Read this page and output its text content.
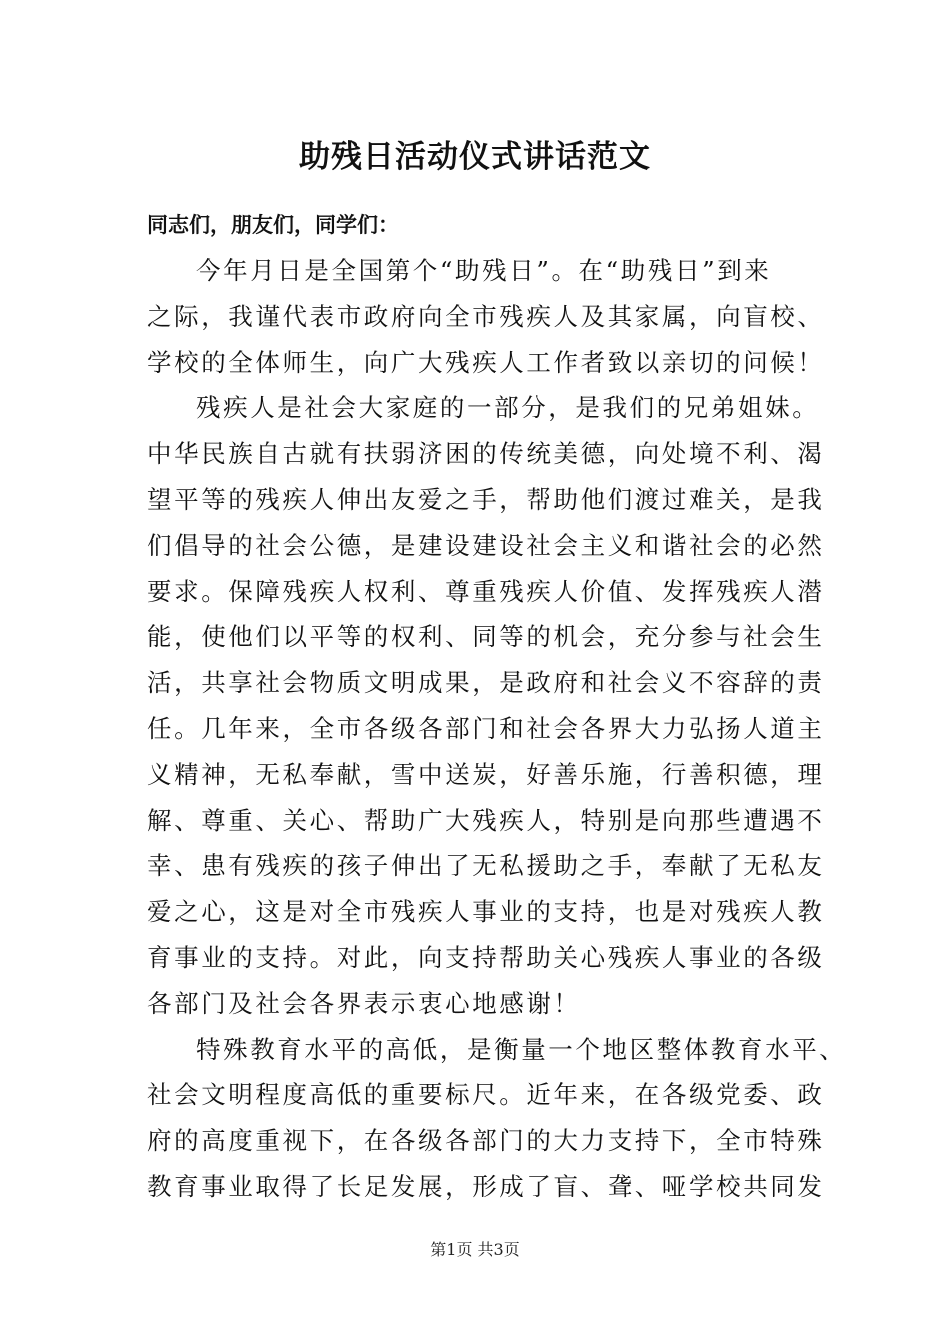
助残日活动仪式讲话范文
同志们，朋友们，同学们：
今年月日是全国第个“助残日”。在“助残日”到来
之际，我谨代表市政府向全市残疾人及其家属，向盲校、
学校的全体师生，向广大残疾人工作者致以亲切的问候！
残疾人是社会大家庭的一部分，是我们的兄弟姐妹。
中华民族自古就有扶弱济困的传统美德，向处境不利、渴
望平等的残疾人伸出友爱之手，帮助他们渡过难关，是我
们倡导的社会公德，是建设建设社会主义和谐社会的必然
要求。保障残疾人权利、尊重残疾人价值、发挥残疾人潜
能，使他们以平等的权利、同等的机会，充分参与社会生
活，共享社会物质文明成果，是政府和社会义不容辞的责
任。几年来，全市各级各部门和社会各界大力弘扬人道主
义精神，无私奉献，雪中送炭，好善乐施，行善积德，理
解、尊重、关心、帮助广大残疾人，特别是向那些遭遇不
幸、患有残疾的孩子伸出了无私援助之手，奉献了无私友
爱之心，这是对全市残疾人事业的支持，也是对残疾人教
育事业的支持。对此，向支持帮助关心残疾人事业的各级
各部门及社会各界表示衷心地感谢！
特殊教育水平的高低，是衡量一个地区整体教育水平、
社会文明程度高低的重要标尺。近年来，在各级党委、政
府的高度重视下，在各级各部门的大力支持下，全市特殊
教育事业取得了长足发展，形成了盲、聋、哑学校共同发
第1页 共3页
